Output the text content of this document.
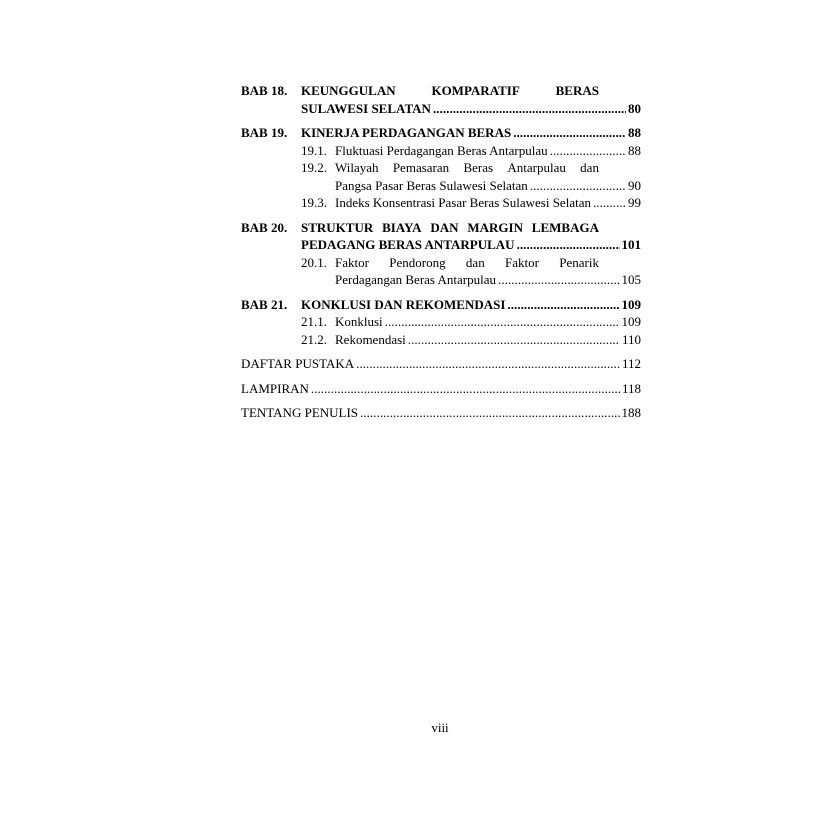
BAB 18.	KEUNGGULAN	KOMPARATIF	BERAS
SULAWESI SELATAN . . .	80
BAB 19.	KINERJA PERDAGANGAN BERAS . . .	88
19.1. Fluktuasi Perdagangan Beras Antarpulau . . .	88
19.2. Wilayah Pemasaran Beras Antarpulau dan
Pangsa Pasar Beras Sulawesi Selatan . . .	90
19.3. Indeks Konsentrasi Pasar Beras Sulawesi Selatan . . .	99
BAB 20.	STRUKTUR BIAYA DAN MARGIN LEMBAGA
PEDAGANG BERAS ANTARPULAU . . .	101
20.1. Faktor Pendorong dan Faktor Penarik
Perdagangan Beras Antarpulau . . .	105
BAB 21.	KONKLUSI DAN REKOMENDASI . . .	109
21.1. Konklusi . . .	109
21.2. Rekomendasi . . .	110
DAFTAR PUSTAKA . . .	112
LAMPIRAN . . .	118
TENTANG PENULIS . . .	188
viii
